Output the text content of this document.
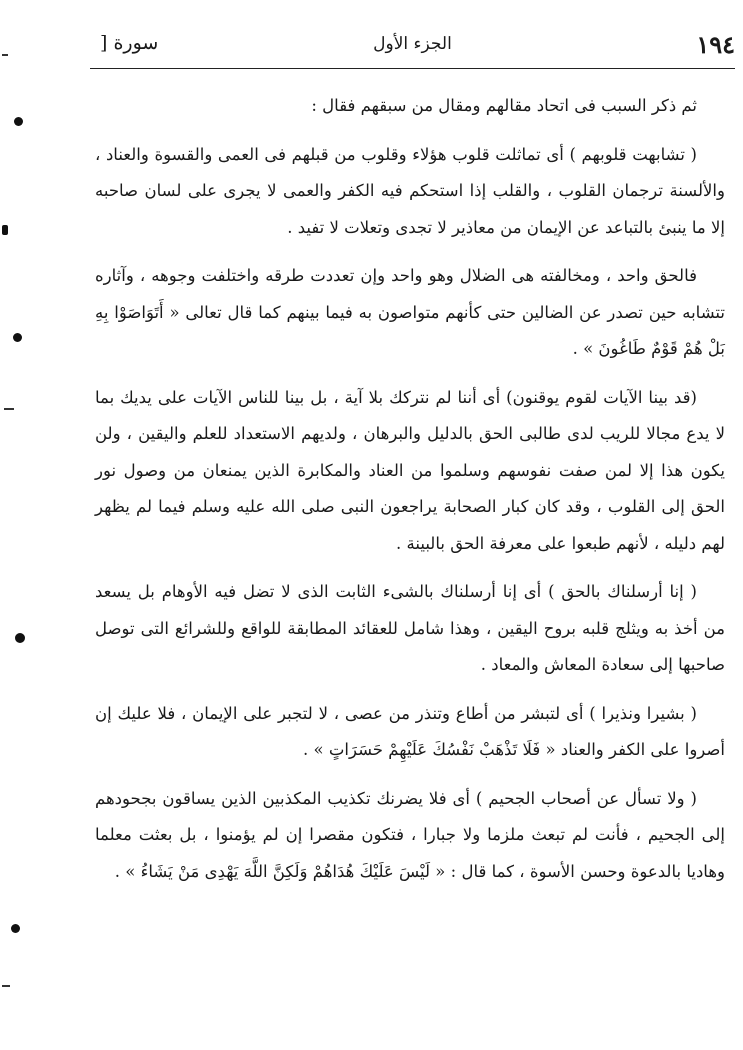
١٩٤
الجزء الأول
سورة [

ثم ذكر السبب فى اتحاد مقالهم ومقال من سبقهم فقال :

( تشابهت قلوبهم ) أى تماثلت قلوب هؤلاء وقلوب من قبلهم فى العمى والقسوة والعناد ، والألسنة ترجمان القلوب ، والقلب إذا استحكم فيه الكفر والعمى لا يجرى على لسان صاحبه إلا ما ينبئ بالتباعد عن الإيمان من معاذير لا تجدى وتعلات لا تفيد .

فالحق واحد ، ومخالفته هى الضلال وهو واحد وإن تعددت طرقه واختلفت وجوهه ، وآثاره تتشابه حين تصدر عن الضالين حتى كأنهم متواصون به فيما بينهم كما قال تعالى « أَتَوَاصَوْا بِهِ بَلْ هُمْ قَوْمٌ طَاغُونَ » .

(قد بينا الآيات لقوم يوقنون) أى أننا لم نتركك بلا آية ، بل بينا للناس الآيات على يديك بما لا يدع مجالا للريب لدى طالبى الحق بالدليل والبرهان ، ولديهم الاستعداد للعلم واليقين ، ولن يكون هذا إلا لمن صفت نفوسهم وسلموا من العناد والمكابرة الذين يمنعان من وصول نور الحق إلى القلوب ، وقد كان كبار الصحابة يراجعون النبى صلى الله عليه وسلم فيما لم يظهر لهم دليله ، لأنهم طبعوا على معرفة الحق بالبينة .

( إنا أرسلناك بالحق ) أى إنا أرسلناك بالشىء الثابت الذى لا تضل فيه الأوهام بل يسعد من أخذ به ويثلج قلبه بروح اليقين ، وهذا شامل للعقائد المطابقة للواقع وللشرائع التى توصل صاحبها إلى سعادة المعاش والمعاد .

( بشيرا ونذيرا ) أى لتبشر من أطاع وتنذر من عصى ، لا لتجبر على الإيمان ، فلا عليك إن أصروا على الكفر والعناد « فَلَا تَذْهَبْ نَفْسُكَ عَلَيْهِمْ حَسَرَاتٍ » .

( ولا تسأل عن أصحاب الجحيم ) أى فلا يضرنك تكذيب المكذبين الذين يساقون بجحودهم إلى الجحيم ، فأنت لم تبعث ملزما ولا جبارا ، فتكون مقصرا إن لم يؤمنوا ، بل بعثت معلما وهاديا بالدعوة وحسن الأسوة ، كما قال : « لَيْسَ عَلَيْكَ هُدَاهُمْ وَلَكِنَّ اللَّهَ يَهْدِى مَنْ يَشَاءُ » .
